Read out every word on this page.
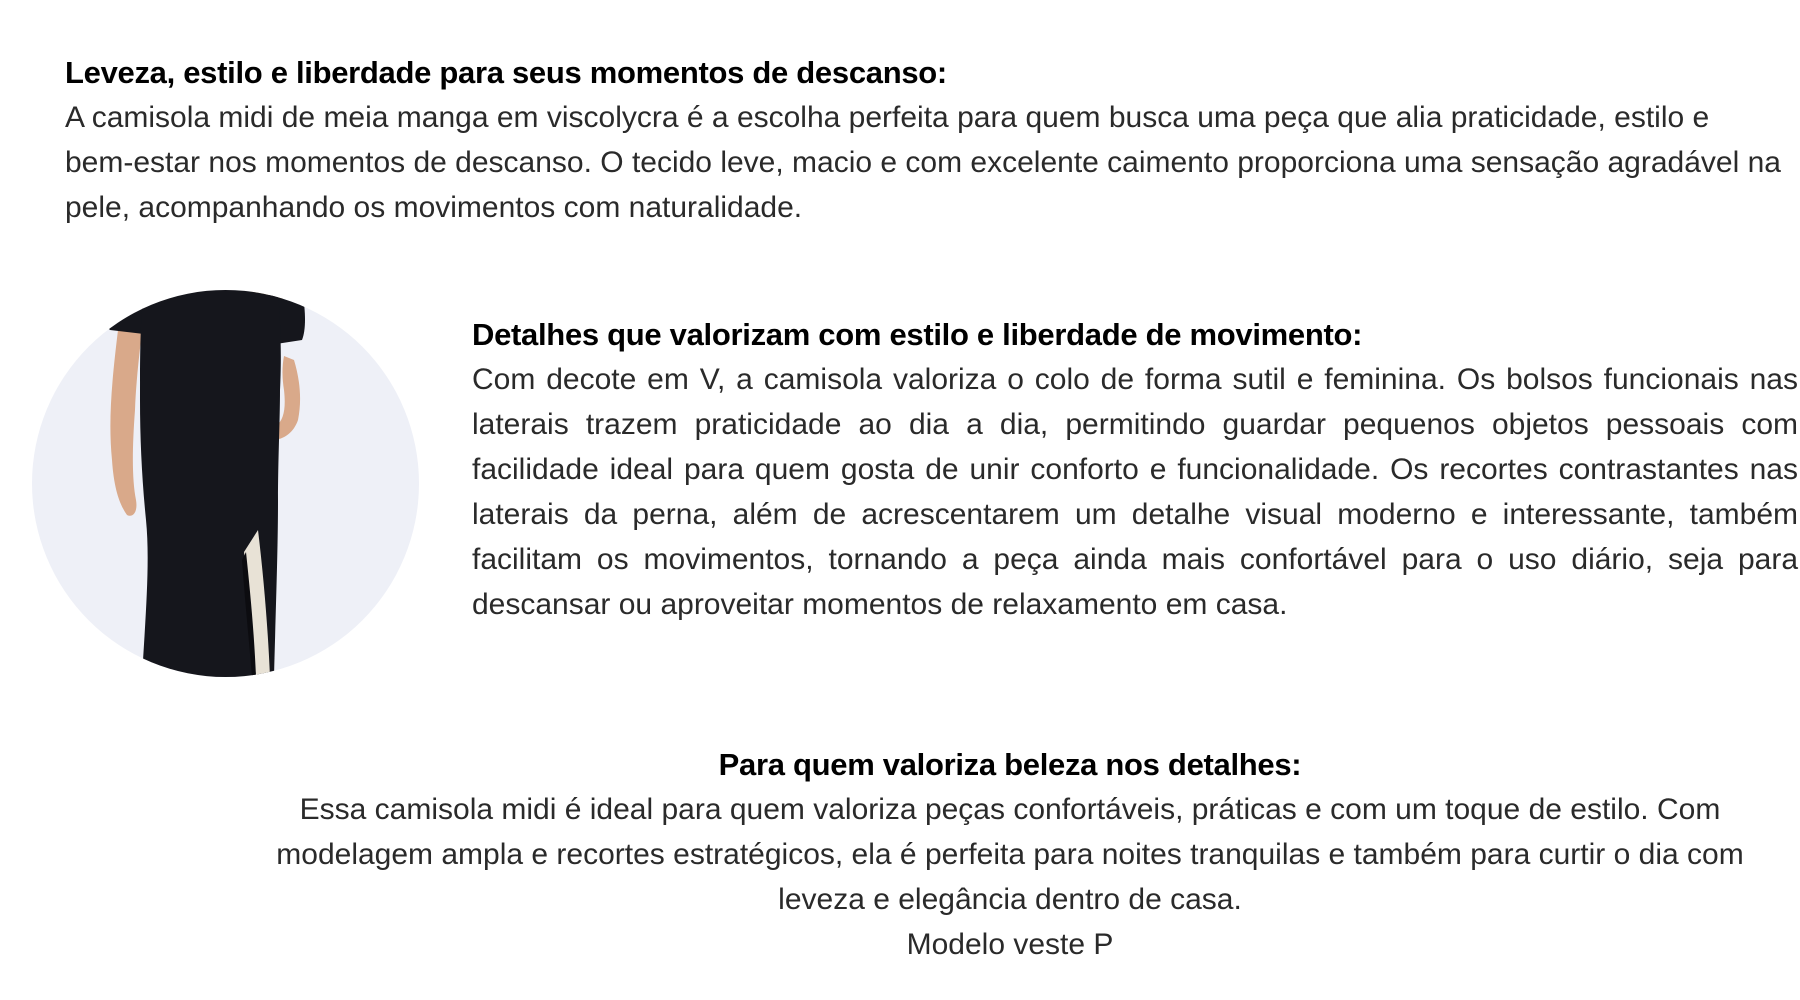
Leveza, estilo e liberdade para seus momentos de descanso:
A camisola midi de meia manga em viscolycra é a escolha perfeita para quem busca uma peça que alia praticidade, estilo e bem-estar nos momentos de descanso. O tecido leve, macio e com excelente caimento proporciona uma sensação agradável na pele, acompanhando os movimentos com naturalidade.
Detalhes que valorizam com estilo e liberdade de movimento:
Com decote em V, a camisola valoriza o colo de forma sutil e feminina. Os bolsos funcionais nas laterais trazem praticidade ao dia a dia, permitindo guardar pequenos objetos pessoais com facilidade ideal para quem gosta de unir conforto e funcionalidade. Os recortes contrastantes nas laterais da perna, além de acrescentarem um detalhe visual moderno e interessante, também facilitam os movimentos, tornando a peça ainda mais confortável para o uso diário, seja para descansar ou aproveitar momentos de relaxamento em casa.
Para quem valoriza beleza nos detalhes:
Essa camisola midi é ideal para quem valoriza peças confortáveis, práticas e com um toque de estilo. Com modelagem ampla e recortes estratégicos, ela é perfeita para noites tranquilas e também para curtir o dia com leveza e elegância dentro de casa.
Modelo veste P
